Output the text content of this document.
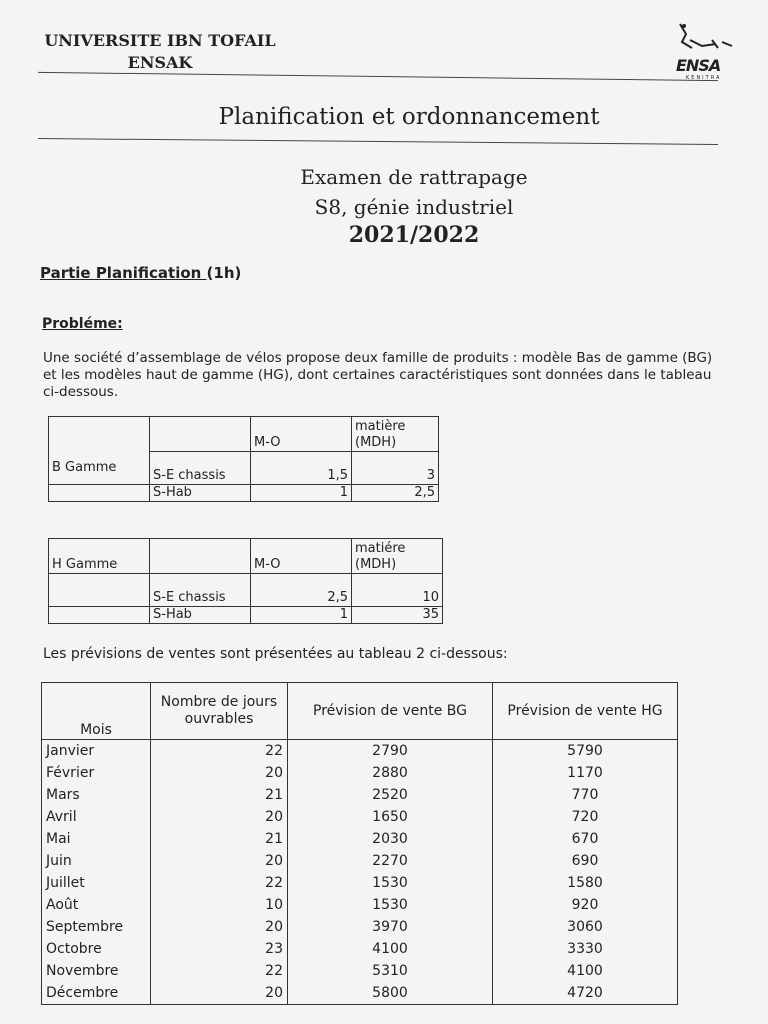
UNIVERSITE IBN TOFAIL
ENSAK	ENSA
KENITRA
Planification et ordonnancement
Examen de rattrapage
S8, génie industriel
2021/2022
Partie Planification (1h)
Probléme:
Une société d’assemblage de vélos propose deux famille de produits : modèle Bas de gamme (BG) et les modèles haut de gamme (HG), dont certaines caractéristiques sont données dans le tableau ci-dessous.
		M-O	matière (MDH)
B Gamme	S-E chassis	1,5	3
	S-Hab	1	2,5
H Gamme		M-O	matiére (MDH)
	S-E chassis	2,5	10
	S-Hab	1	35
Les prévisions de ventes sont présentées au tableau 2 ci-dessous:
Mois	Nombre de jours ouvrables	Prévision de vente BG	Prévision de vente HG
Janvier	22	2790	5790
Février	20	2880	1170
Mars	21	2520	770
Avril	20	1650	720
Mai	21	2030	670
Juin	20	2270	690
Juillet	22	1530	1580
Août	10	1530	920
Septembre	20	3970	3060
Octobre	23	4100	3330
Novembre	22	5310	4100
Décembre	20	5800	4720
